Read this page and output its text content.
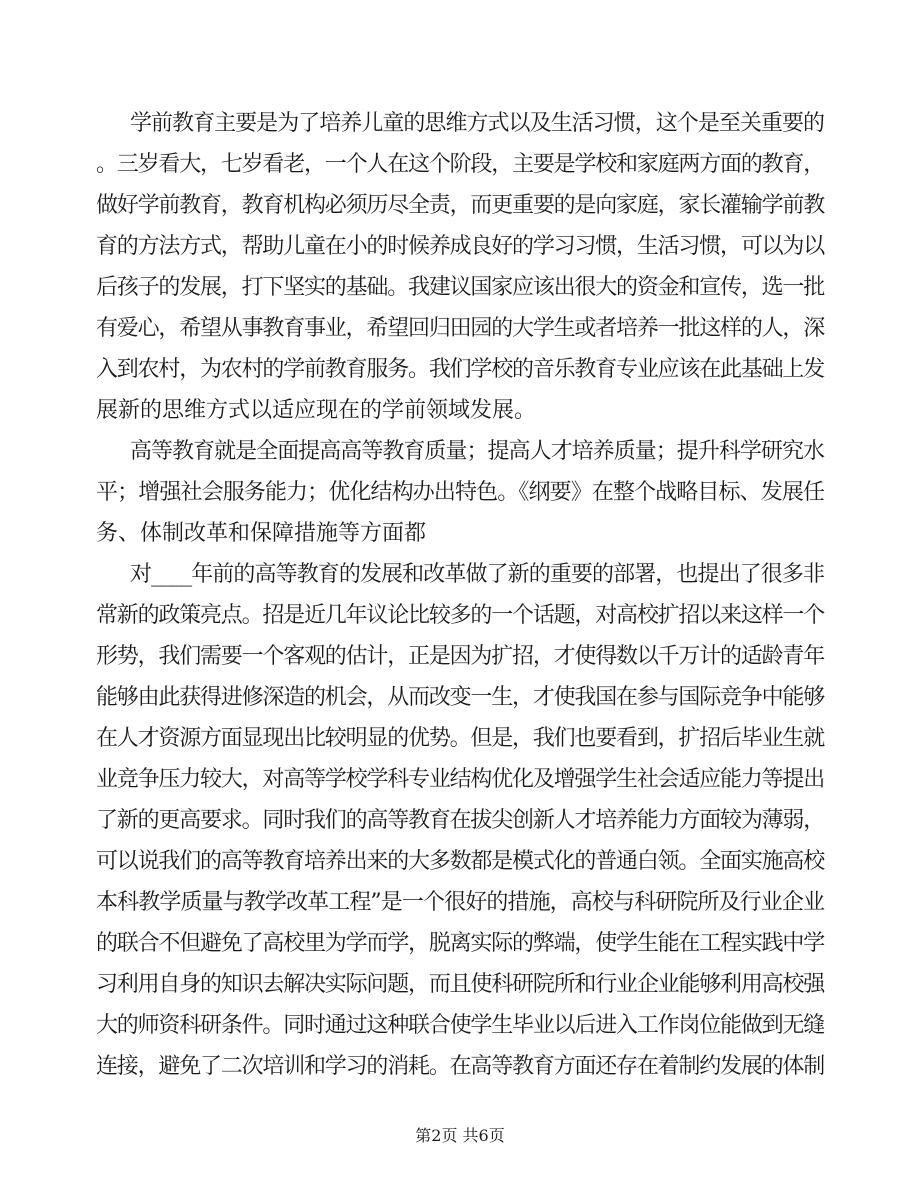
学前教育主要是为了培养儿童的思维方式以及生活习惯，这个是至关重要的
。三岁看大，七岁看老，一个人在这个阶段，主要是学校和家庭两方面的教育，
做好学前教育，教育机构必须历尽全责，而更重要的是向家庭，家长灌输学前教
育的方法方式，帮助儿童在小的时候养成良好的学习习惯，生活习惯，可以为以
后孩子的发展，打下坚实的基础。我建议国家应该出很大的资金和宣传，选一批
有爱心，希望从事教育事业，希望回归田园的大学生或者培养一批这样的人，深
入到农村，为农村的学前教育服务。我们学校的音乐教育专业应该在此基础上发
展新的思维方式以适应现在的学前领域发展。
高等教育就是全面提高高等教育质量；提高人才培养质量；提升科学研究水
平；增强社会服务能力；优化结构办出特色。《纲要》在整个战略目标、发展任
务、体制改革和保障措施等方面都
对____年前的高等教育的发展和改革做了新的重要的部署，也提出了很多非
常新的政策亮点。招是近几年议论比较多的一个话题，对高校扩招以来这样一个
形势，我们需要一个客观的估计，正是因为扩招，才使得数以千万计的适龄青年
能够由此获得进修深造的机会，从而改变一生，才使我国在参与国际竞争中能够
在人才资源方面显现出比较明显的优势。但是，我们也要看到，扩招后毕业生就
业竞争压力较大，对高等学校学科专业结构优化及增强学生社会适应能力等提出
了新的更高要求。同时我们的高等教育在拔尖创新人才培养能力方面较为薄弱，
可以说我们的高等教育培养出来的大多数都是模式化的普通白领。全面实施高校
本科教学质量与教学改革工程”是一个很好的措施，高校与科研院所及行业企业
的联合不但避免了高校里为学而学，脱离实际的弊端，使学生能在工程实践中学
习利用自身的知识去解决实际问题，而且使科研院所和行业企业能够利用高校强
大的师资科研条件。同时通过这种联合使学生毕业以后进入工作岗位能做到无缝
连接，避免了二次培训和学习的消耗。在高等教育方面还存在着制约发展的体制
第2页 共6页
